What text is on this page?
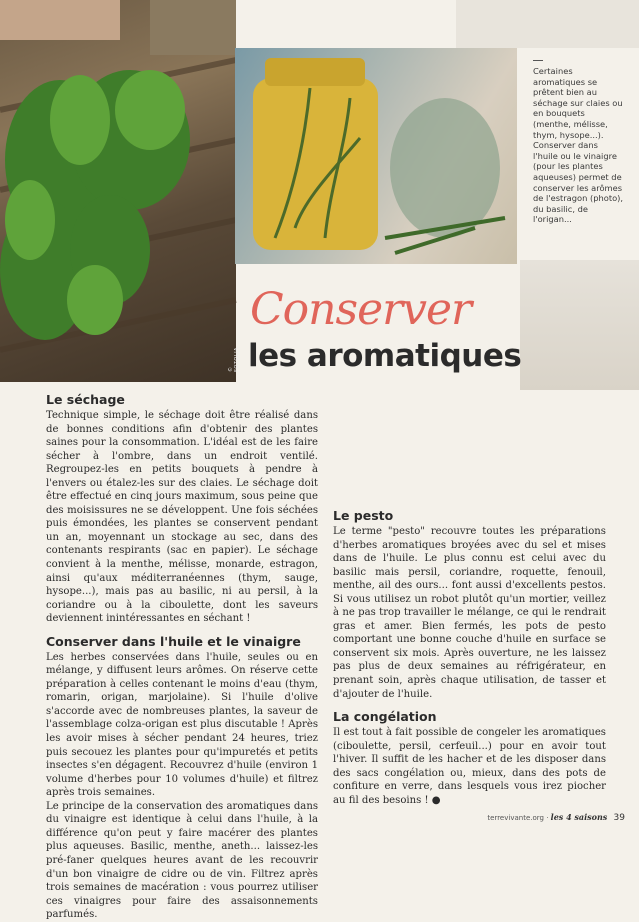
© FOTOLIA
Certaines aromatiques se prêtent bien au séchage sur claies ou en bouquets (menthe, mélisse, thym, hysope...). Conserver dans l'huile ou le vinaigre (pour les plantes aqueuses) permet de conserver les arômes de l'estragon (photo), du basilic, de l'origan...
Conserver
les aromatiques
Le séchage

Technique simple, le séchage doit être réalisé dans de bonnes conditions afin d'obtenir des plantes saines pour la consommation. L'idéal est de les faire sécher à l'ombre, dans un endroit ventilé. Regroupez-les en petits bouquets à pendre à l'envers ou étalez-les sur des claies. Le séchage doit être effectué en cinq jours maximum, sous peine que des moisissures ne se développent. Une fois séchées puis émondées, les plantes se conservent pendant un an, moyennant un stockage au sec, dans des contenants respirants (sac en papier). Le séchage convient à la menthe, mélisse, monarde, estragon, ainsi qu'aux méditerranéennes (thym, sauge, hysope...), mais pas au basilic, ni au persil, à la coriandre ou à la ciboulette, dont les saveurs deviennent inintéressantes en séchant !

Conserver dans l'huile et le vinaigre

Les herbes conservées dans l'huile, seules ou en mélange, y diffusent leurs arômes. On réserve cette préparation à celles contenant le moins d'eau (thym, romarin, origan, marjolaine). Si l'huile d'olive s'accorde avec de nombreuses plantes, la saveur de l'assemblage colza-origan est plus discutable ! Après les avoir mises à sécher pendant 24 heures, triez puis secouez les plantes pour qu'impuretés et petits insectes s'en dégagent. Recouvrez d'huile (environ 1 volume d'herbes pour 10 volumes d'huile) et filtrez après trois semaines.

Le principe de la conservation des aromatiques dans du vinaigre est identique à celui dans l'huile, à la différence qu'on peut y faire macérer des plantes plus aqueuses. Basilic, menthe, aneth... laissez-les pré-faner quelques heures avant de les recouvrir d'un bon vinaigre de cidre ou de vin. Filtrez après trois semaines de macération : vous pourrez utiliser ces vinaigres pour faire des assaisonnements parfumés.

Le pesto

Le terme "pesto" recouvre toutes les préparations d'herbes aromatiques broyées avec du sel et mises dans de l'huile. Le plus connu est celui avec du basilic mais persil, coriandre, roquette, fenouil, menthe, ail des ours... font aussi d'excellents pestos. Si vous utilisez un robot plutôt qu'un mortier, veillez à ne pas trop travailler le mélange, ce qui le rendrait gras et amer. Bien fermés, les pots de pesto comportant une bonne couche d'huile en surface se conservent six mois. Après ouverture, ne les laissez pas plus de deux semaines au réfrigérateur, en prenant soin, après chaque utilisation, de tasser et d'ajouter de l'huile.

La congélation

Il est tout à fait possible de congeler les aromatiques (ciboulette, persil, cerfeuil...) pour en avoir tout l'hiver. Il suffit de les hacher et de les disposer dans des sacs congélation ou, mieux, dans des pots de confiture en verre, dans lesquels vous irez piocher au fil des besoins ! ●

terrevivante.org · les 4 saisons 39
